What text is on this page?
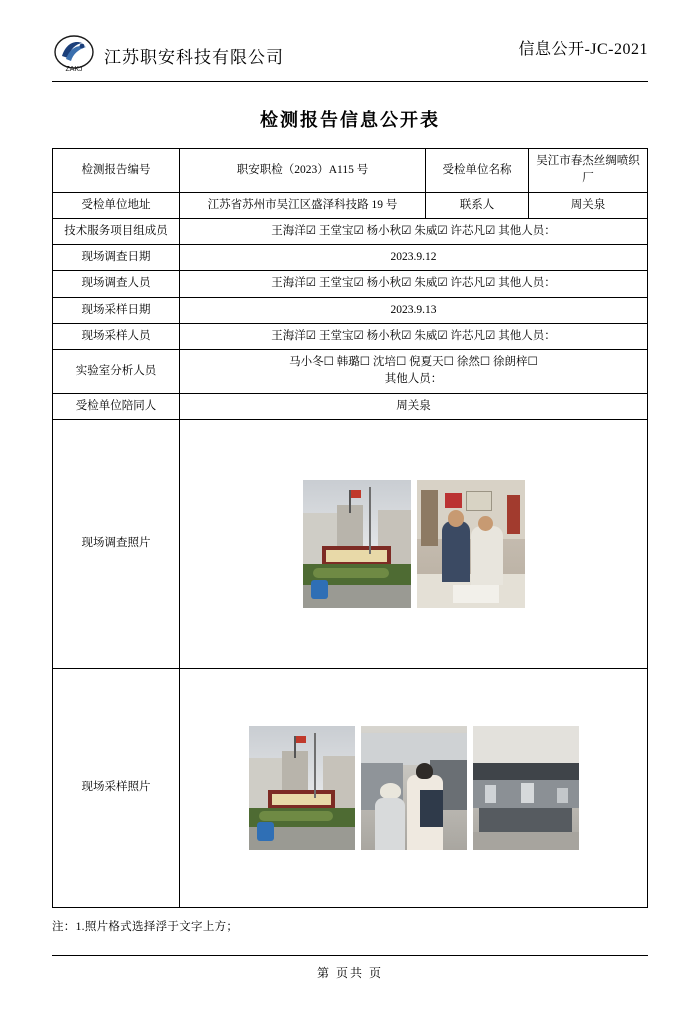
ZAKJ
江苏职安科技有限公司	信息公开-JC-2021
检测报告信息公开表
检测报告编号	职安职检（2023）A115 号	受检单位名称	吴江市春杰丝绸喷织厂
受检单位地址	江苏省苏州市吴江区盛泽科技路 19 号	联系人	周关泉
技术服务项目组成员	王海洋☑ 王堂宝☑ 杨小秋☑ 朱威☑ 许芯凡☑ 其他人员：		
现场调查日期	2023.9.12		
现场调查人员	王海洋☑ 王堂宝☑ 杨小秋☑ 朱威☑ 许芯凡☑ 其他人员：		
现场采样日期	2023.9.13		
现场采样人员	王海洋☑ 王堂宝☑ 杨小秋☑ 朱威☑ 许芯凡☑ 其他人员：		
实验室分析人员	马小冬☐ 韩璐☐ 沈培☐ 倪夏天☐ 徐然☐ 徐朗梓☐
其他人员：		

受检单位陪同人	周关泉		
现场调查照片			

现场采样照片			
注：1.照片格式选择浮于文字上方；
第 页共 页
